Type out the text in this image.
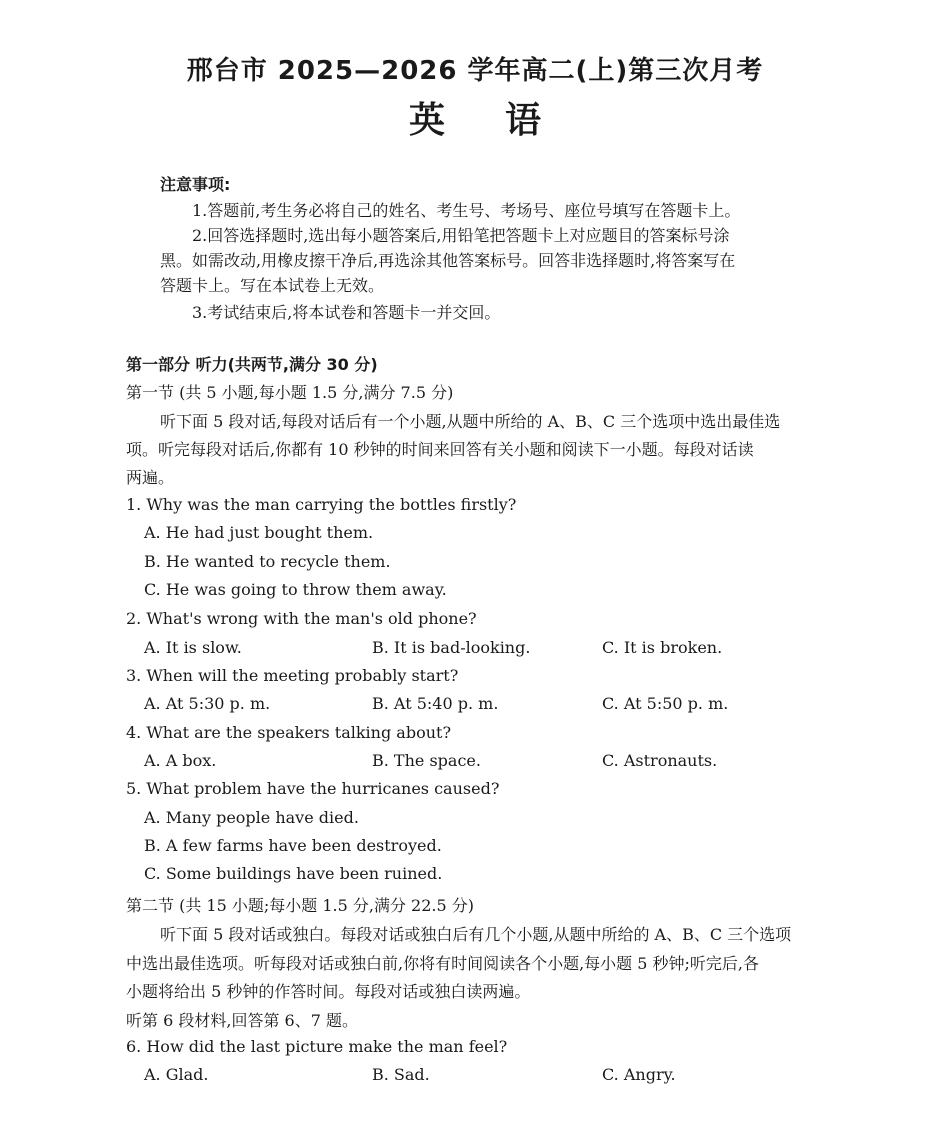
邢台市 2025—2026 学年高二(上)第三次月考
英语
注意事项:
1.答题前,考生务必将自己的姓名、考生号、考场号、座位号填写在答题卡上。
2.回答选择题时,选出每小题答案后,用铅笔把答题卡上对应题目的答案标号涂
黑。如需改动,用橡皮擦干净后,再选涂其他答案标号。回答非选择题时,将答案写在
答题卡上。写在本试卷上无效。
3.考试结束后,将本试卷和答题卡一并交回。
第一部分 听力(共两节,满分 30 分)
第一节 (共 5 小题,每小题 1.5 分,满分 7.5 分)
听下面 5 段对话,每段对话后有一个小题,从题中所给的 A、B、C 三个选项中选出最佳选
项。听完每段对话后,你都有 10 秒钟的时间来回答有关小题和阅读下一小题。每段对话读
两遍。
1. Why was the man carrying the bottles firstly?
A. He had just bought them.
B. He wanted to recycle them.
C. He was going to throw them away.
2. What's wrong with the man's old phone?
A. It is slow.	B. It is bad-looking.	C. It is broken.
3. When will the meeting probably start?
A. At 5:30 p. m.	B. At 5:40 p. m.	C. At 5:50 p. m.
4. What are the speakers talking about?
A. A box.	B. The space.	C. Astronauts.
5. What problem have the hurricanes caused?
A. Many people have died.
B. A few farms have been destroyed.
C. Some buildings have been ruined.
第二节 (共 15 小题;每小题 1.5 分,满分 22.5 分)
听下面 5 段对话或独白。每段对话或独白后有几个小题,从题中所给的 A、B、C 三个选项
中选出最佳选项。听每段对话或独白前,你将有时间阅读各个小题,每小题 5 秒钟;听完后,各
小题将给出 5 秒钟的作答时间。每段对话或独白读两遍。
听第 6 段材料,回答第 6、7 题。
6. How did the last picture make the man feel?
A. Glad.	B. Sad.	C. Angry.
